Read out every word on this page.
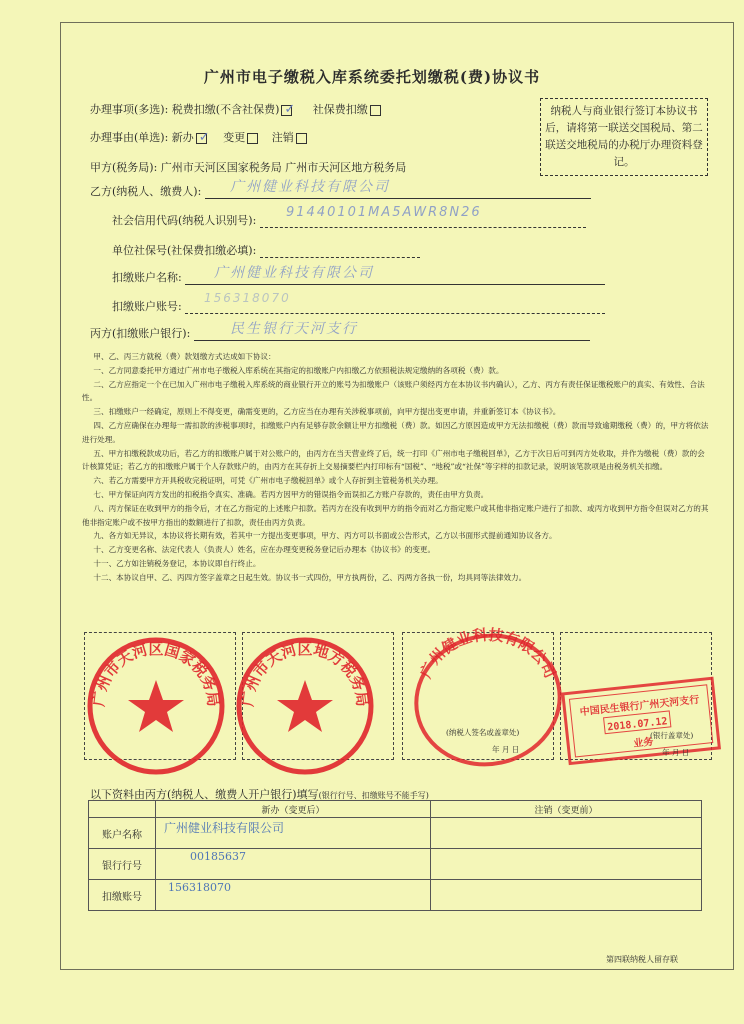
广州市电子缴税入库系统委托划缴税(费)协议书
办理事项(多选): 税费扣缴(不含社保费) ✓ 社保费扣缴
办理事由(单选): 新办 ✓ 变更 注销
甲方(税务局): 广州市天河区国家税务局 广州市天河区地方税务局
乙方(纳税人、缴费人):	广州健业科技有限公司
社会信用代码(纳税人识别号):
91440101MA5AWR8N26
单位社保号(社保费扣缴必填):
扣缴账户名称:	广州健业科技有限公司
扣缴账户账号:
156318070
丙方(扣缴账户银行):	民生银行天河支行
纳税人与商业银行签订本协议书后，请将第一联送交国税局、第二联送交地税局的办税厅办理资料登记。

甲、乙、丙三方就税（费）款划缴方式达成如下协议：

一、乙方同意委托甲方通过广州市电子缴税入库系统在其指定的扣缴账户内扣缴乙方依照税法规定缴纳的各项税（费）款。

二、乙方应指定一个在已加入广州市电子缴税入库系统的商业银行开立的账号为扣缴账户（该账户须经丙方在本协议书内确认），乙方、丙方有责任保证缴税账户的真实、有效性、合法性。

三、扣缴账户一经确定，原则上不得变更，确需变更的，乙方应当在办理有关涉税事项前，向甲方提出变更申请，并重新签订本《协议书》。

四、乙方应确保在办理每一需扣款的涉税事项时，扣缴账户内有足够存款余额让甲方扣缴税（费）款。如因乙方原因造成甲方无法扣缴税（费）款而导致逾期缴税（费）的，甲方将依法进行处理。

五、甲方扣缴税款成功后，若乙方的扣缴账户属于对公账户的，由丙方在当天营业终了后，统一打印《广州市电子缴税回单》，乙方于次日后可到丙方处收取，并作为缴税（费）款的会计核算凭证；若乙方的扣缴账户属于个人存款账户的，由丙方在其存折上交易摘要栏内打印标有“国税”、“地税”或“社保”等字样的扣款记录，说明该笔款项是由税务机关扣缴。

六、若乙方需要甲方开具税收完税证明，可凭《广州市电子缴税回单》或个人存折到主管税务机关办理。

七、甲方保证向丙方发出的扣税指令真实、准确。若丙方因甲方的错误指令而误扣乙方账户存款的，责任由甲方负责。

八、丙方保证在收到甲方的指令后，才在乙方指定的上述账户扣款。若丙方在没有收到甲方的指令而对乙方指定账户或其他非指定账户进行了扣款、或丙方收到甲方指令但误对乙方的其他非指定账户或不按甲方指出的数额进行了扣款，责任由丙方负责。

九、各方如无异议，本协议将长期有效，若其中一方提出变更事项，甲方、丙方可以书面或公告形式，乙方以书面形式提前通知协议各方。

十、乙方变更名称、法定代表人（负责人）姓名，应在办理变更税务登记后办理本《协议书》的变更。

十一、乙方如注销税务登记，本协议即自行终止。

十二、本协议自甲、乙、丙四方签字盖章之日起生效。协议书一式四份，甲方执两份，乙、丙两方各执一份，均具同等法律效力。

广州市天河区国家税务局 广州市天河区地方税务局
广州健业科技有限公司
中国民生银行广州天河支行
2018.07.12
业务
(纳税人签名或盖章处)
年 月 日
(银行盖章处)
年 月 日
以下资料由丙方(纳税人、缴费人开户银行)填写(银行行号、扣缴账号不能手写)
	新办（变更后）	注销（变更前）
账户名称	广州健业科技有限公司	
银行行号	00185637	
扣缴账号	156318070	
第四联纳税人留存联
